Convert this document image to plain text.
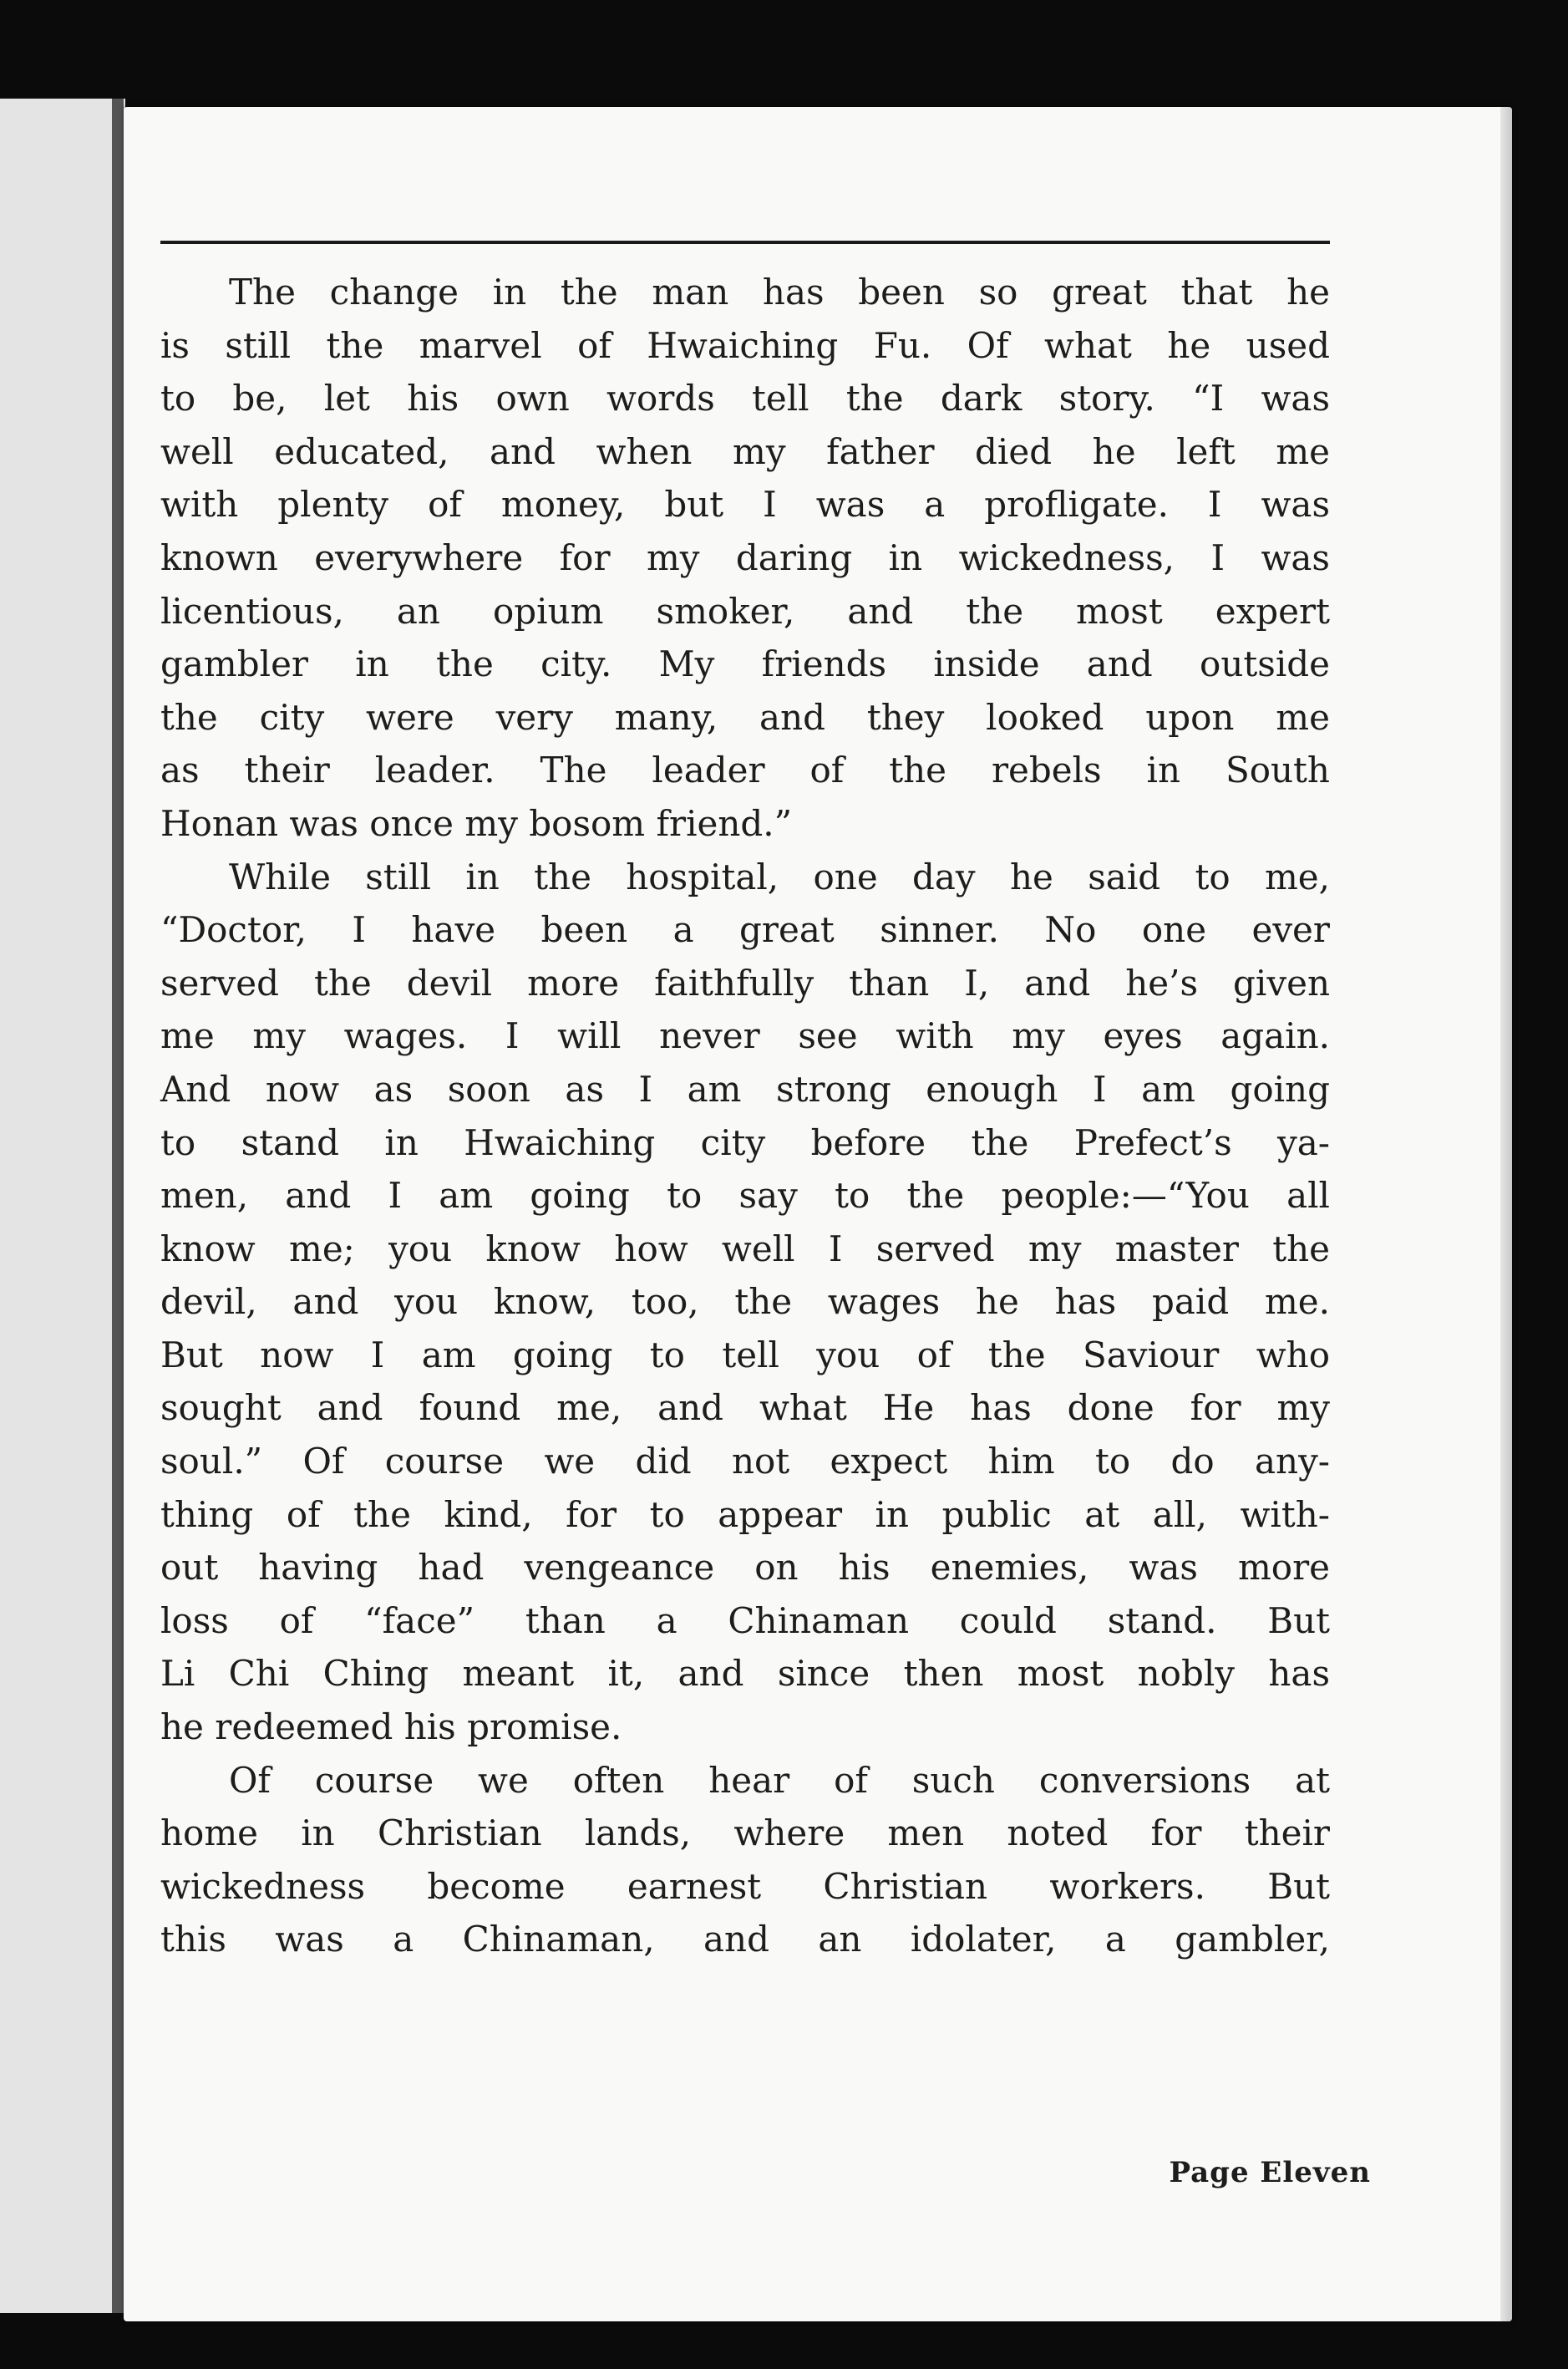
The change in the man has been so great that he
is still the marvel of Hwaiching Fu. Of what he used
to be, let his own words tell the dark story. “I was
well educated, and when my father died he left me
with plenty of money, but I was a profligate. I was
known everywhere for my daring in wickedness, I was
licentious, an opium smoker, and the most expert
gambler in the city. My friends inside and outside
the city were very many, and they looked upon me
as their leader. The leader of the rebels in South
Honan was once my bosom friend.”
While still in the hospital, one day he said to me,
“Doctor, I have been a great sinner. No one ever
served the devil more faithfully than I, and he’s given
me my wages. I will never see with my eyes again.
And now as soon as I am strong enough I am going
to stand in Hwaiching city before the Prefect’s ya-
men, and I am going to say to the people:—“You all
know me; you know how well I served my master the
devil, and you know, too, the wages he has paid me.
But now I am going to tell you of the Saviour who
sought and found me, and what He has done for my
soul.” Of course we did not expect him to do any-
thing of the kind, for to appear in public at all, with-
out having had vengeance on his enemies, was more
loss of “face” than a Chinaman could stand. But
Li Chi Ching meant it, and since then most nobly has
he redeemed his promise.
Of course we often hear of such conversions at
home in Christian lands, where men noted for their
wickedness become earnest Christian workers. But
this was a Chinaman, and an idolater, a gambler,
Page Eleven
